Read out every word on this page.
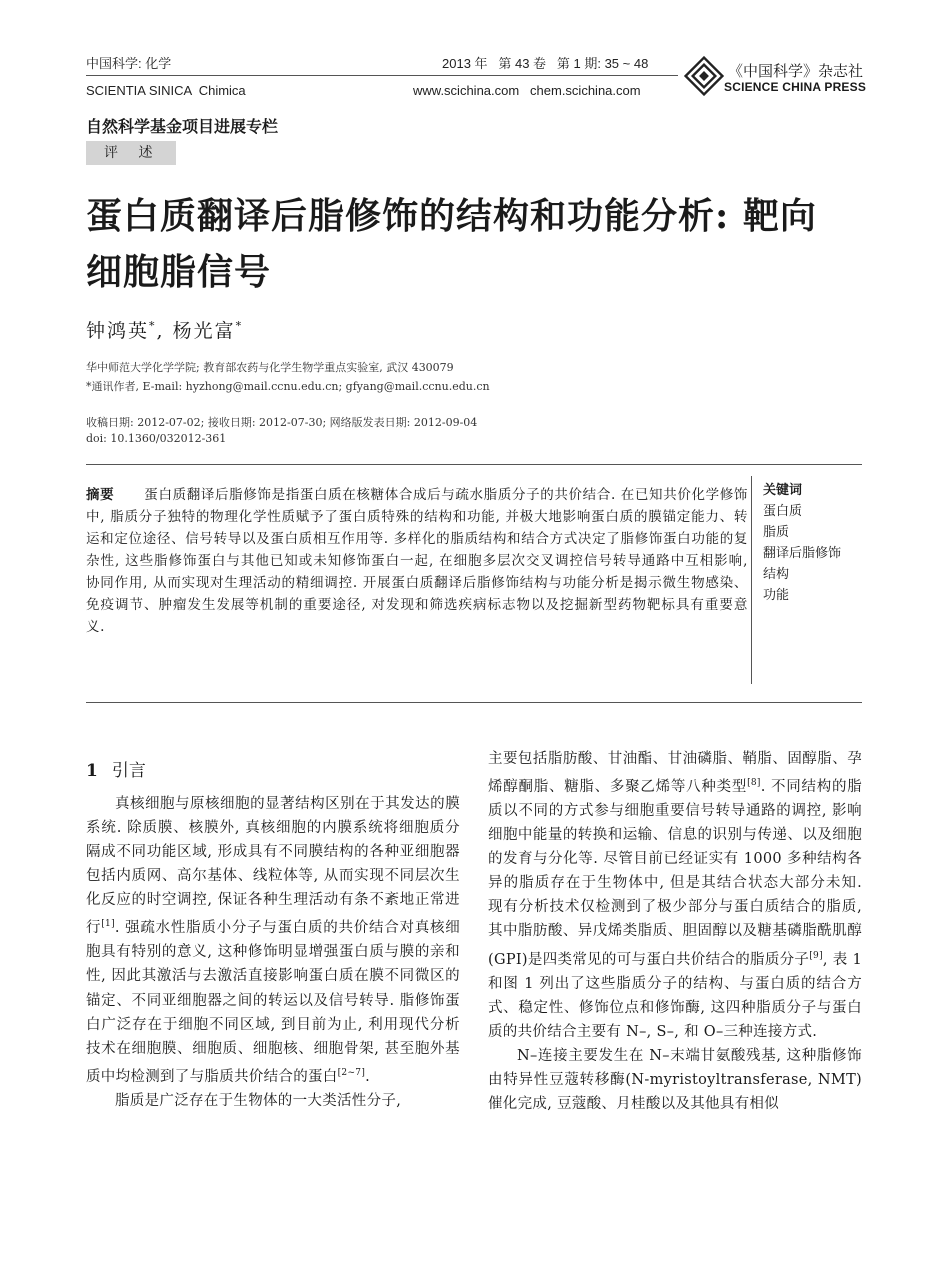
中国科学: 化学	2013 年   第 43 卷   第 1 期: 35 ~ 48
SCIENTIA SINICA  Chimica	www.scichina.com   chem.scichina.com
《中国科学》杂志社
SCIENCE CHINA PRESS
自然科学基金项目进展专栏
评 述
蛋白质翻译后脂修饰的结构和功能分析: 靶向
细胞脂信号
钟鸿英*, 杨光富*
华中师范大学化学学院; 教育部农药与化学生物学重点实验室, 武汉 430079
*通讯作者, E-mail: hyzhong@mail.ccnu.edu.cn; gfyang@mail.ccnu.edu.cn
收稿日期: 2012-07-02; 接收日期: 2012-07-30; 网络版发表日期: 2012-09-04
doi: 10.1360/032012-361
摘要 蛋白质翻译后脂修饰是指蛋白质在核糖体合成后与疏水脂质分子的共价结合. 在已知共价化学修饰中, 脂质分子独特的物理化学性质赋予了蛋白质特殊的结构和功能, 并极大地影响蛋白质的膜锚定能力、转运和定位途径、信号转导以及蛋白质相互作用等. 多样化的脂质结构和结合方式决定了脂修饰蛋白功能的复杂性, 这些脂修饰蛋白与其他已知或未知修饰蛋白一起, 在细胞多层次交叉调控信号转导通路中互相影响, 协同作用, 从而实现对生理活动的精细调控. 开展蛋白质翻译后脂修饰结构与功能分析是揭示微生物感染、免疫调节、肿瘤发生发展等机制的重要途径, 对发现和筛选疾病标志物以及挖掘新型药物靶标具有重要意义.
关键词
蛋白质
脂质
翻译后脂修饰
结构
功能
1 引言

真核细胞与原核细胞的显著结构区别在于其发达的膜系统. 除质膜、核膜外, 真核细胞的内膜系统将细胞质分隔成不同功能区域, 形成具有不同膜结构的各种亚细胞器包括内质网、高尔基体、线粒体等, 从而实现不同层次生化反应的时空调控, 保证各种生理活动有条不紊地正常进行[1]. 强疏水性脂质小分子与蛋白质的共价结合对真核细胞具有特别的意义, 这种修饰明显增强蛋白质与膜的亲和性, 因此其激活与去激活直接影响蛋白质在膜不同微区的锚定、不同亚细胞器之间的转运以及信号转导. 脂修饰蛋白广泛存在于细胞不同区域, 到目前为止, 利用现代分析技术在细胞膜、细胞质、细胞核、细胞骨架, 甚至胞外基质中均检测到了与脂质共价结合的蛋白[2~7].

脂质是广泛存在于生物体的一大类活性分子,

主要包括脂肪酸、甘油酯、甘油磷脂、鞘脂、固醇脂、孕烯醇酮脂、糖脂、多聚乙烯等八种类型[8]. 不同结构的脂质以不同的方式参与细胞重要信号转导通路的调控, 影响细胞中能量的转换和运输、信息的识别与传递、以及细胞的发育与分化等. 尽管目前已经证实有 1000 多种结构各异的脂质存在于生物体中, 但是其结合状态大部分未知. 现有分析技术仅检测到了极少部分与蛋白质结合的脂质, 其中脂肪酸、异戊烯类脂质、胆固醇以及糖基磷脂酰肌醇(GPI)是四类常见的可与蛋白共价结合的脂质分子[9], 表 1 和图 1 列出了这些脂质分子的结构、与蛋白质的结合方式、稳定性、修饰位点和修饰酶, 这四种脂质分子与蛋白质的共价结合主要有 N–, S–, 和 O–三种连接方式.

N–连接主要发生在 N–末端甘氨酸残基, 这种脂修饰由特异性豆蔻转移酶(N-myristoyltransferase, NMT)催化完成, 豆蔻酸、月桂酸以及其他具有相似
